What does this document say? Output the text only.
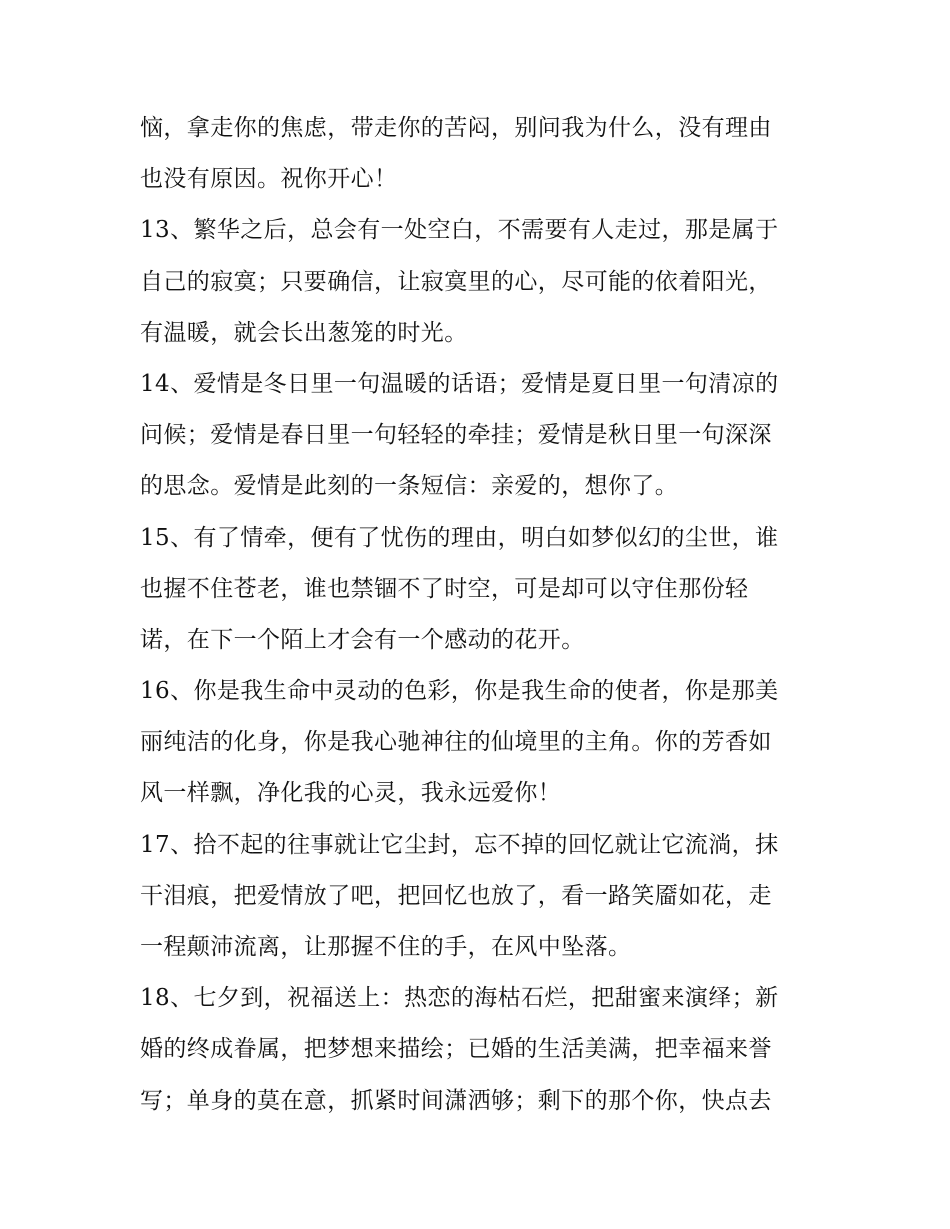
恼，拿走你的焦虑，带走你的苦闷，别问我为什么，没有理由
也没有原因。祝你开心！
13、繁华之后，总会有一处空白，不需要有人走过，那是属于
自己的寂寞；只要确信，让寂寞里的心，尽可能的依着阳光，
有温暖，就会长出葱笼的时光。
14、爱情是冬日里一句温暖的话语；爱情是夏日里一句清凉的
问候；爱情是春日里一句轻轻的牵挂；爱情是秋日里一句深深
的思念。爱情是此刻的一条短信：亲爱的，想你了。
15、有了情牵，便有了忧伤的理由，明白如梦似幻的尘世，谁
也握不住苍老，谁也禁锢不了时空，可是却可以守住那份轻
诺，在下一个陌上才会有一个感动的花开。
16、你是我生命中灵动的色彩，你是我生命的使者，你是那美
丽纯洁的化身，你是我心驰神往的仙境里的主角。你的芳香如
风一样飘，净化我的心灵，我永远爱你！
17、拾不起的往事就让它尘封，忘不掉的回忆就让它流淌，抹
干泪痕，把爱情放了吧，把回忆也放了，看一路笑靥如花，走
一程颠沛流离，让那握不住的手，在风中坠落。
18、七夕到，祝福送上：热恋的海枯石烂，把甜蜜来演绎；新
婚的终成眷属，把梦想来描绘；已婚的生活美满，把幸福来誉
写；单身的莫在意，抓紧时间潇洒够；剩下的那个你，快点去
